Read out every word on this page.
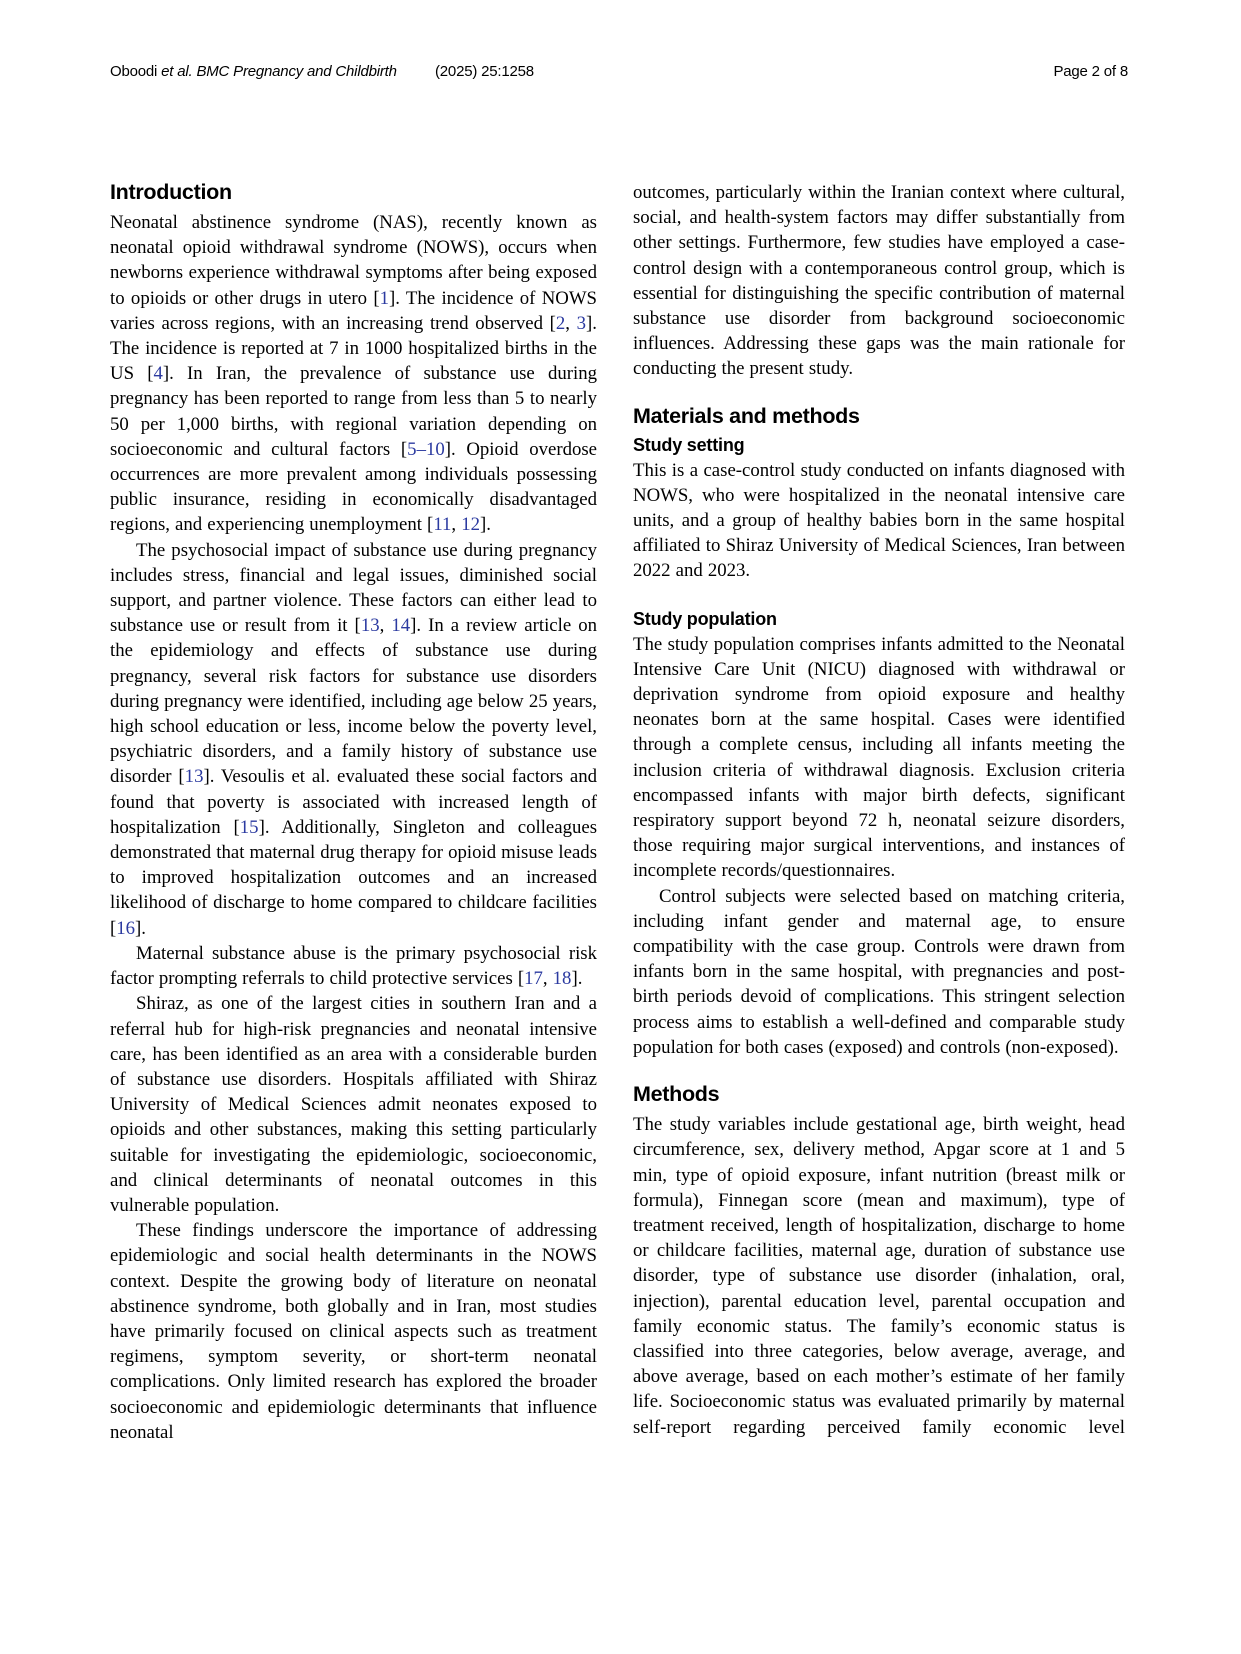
Oboodi et al. BMC Pregnancy and Childbirth	(2025) 25:1258	Page 2 of 8
Introduction

Neonatal abstinence syndrome (NAS), recently known as neonatal opioid withdrawal syndrome (NOWS), occurs when newborns experience withdrawal symptoms after being exposed to opioids or other drugs in utero [1]. The incidence of NOWS varies across regions, with an increasing trend observed [2, 3]. The incidence is reported at 7 in 1000 hospitalized births in the US [4]. In Iran, the prevalence of substance use during pregnancy has been reported to range from less than 5 to nearly 50 per 1,000 births, with regional variation depending on socioeconomic and cultural factors [5–10]. Opioid overdose occurrences are more prevalent among individuals possessing public insurance, residing in economically disadvantaged regions, and experiencing unemployment [11, 12].

The psychosocial impact of substance use during pregnancy includes stress, financial and legal issues, diminished social support, and partner violence. These factors can either lead to substance use or result from it [13, 14]. In a review article on the epidemiology and effects of substance use during pregnancy, several risk factors for substance use disorders during pregnancy were identified, including age below 25 years, high school education or less, income below the poverty level, psychiatric disorders, and a family history of substance use disorder [13]. Vesoulis et al. evaluated these social factors and found that poverty is associated with increased length of hospitalization [15]. Additionally, Singleton and colleagues demonstrated that maternal drug therapy for opioid misuse leads to improved hospitalization outcomes and an increased likelihood of discharge to home compared to childcare facilities [16].

Maternal substance abuse is the primary psychosocial risk factor prompting referrals to child protective services [17, 18].

Shiraz, as one of the largest cities in southern Iran and a referral hub for high-risk pregnancies and neonatal intensive care, has been identified as an area with a considerable burden of substance use disorders. Hospitals affiliated with Shiraz University of Medical Sciences admit neonates exposed to opioids and other substances, making this setting particularly suitable for investigating the epidemiologic, socioeconomic, and clinical determinants of neonatal outcomes in this vulnerable population.

These findings underscore the importance of addressing epidemiologic and social health determinants in the NOWS context. Despite the growing body of literature on neonatal abstinence syndrome, both globally and in Iran, most studies have primarily focused on clinical aspects such as treatment regimens, symptom severity, or short-term neonatal complications. Only limited research has explored the broader socioeconomic and epidemiologic determinants that influence neonatal

outcomes, particularly within the Iranian context where cultural, social, and health-system factors may differ substantially from other settings. Furthermore, few studies have employed a case-control design with a contemporaneous control group, which is essential for distinguishing the specific contribution of maternal substance use disorder from background socioeconomic influences. Addressing these gaps was the main rationale for conducting the present study.

Materials and methods
Study setting

This is a case-control study conducted on infants diagnosed with NOWS, who were hospitalized in the neonatal intensive care units, and a group of healthy babies born in the same hospital affiliated to Shiraz University of Medical Sciences, Iran between 2022 and 2023.

Study population

The study population comprises infants admitted to the Neonatal Intensive Care Unit (NICU) diagnosed with withdrawal or deprivation syndrome from opioid exposure and healthy neonates born at the same hospital. Cases were identified through a complete census, including all infants meeting the inclusion criteria of withdrawal diagnosis. Exclusion criteria encompassed infants with major birth defects, significant respiratory support beyond 72 h, neonatal seizure disorders, those requiring major surgical interventions, and instances of incomplete records/questionnaires.

Control subjects were selected based on matching criteria, including infant gender and maternal age, to ensure compatibility with the case group. Controls were drawn from infants born in the same hospital, with pregnancies and post-birth periods devoid of complications. This stringent selection process aims to establish a well-defined and comparable study population for both cases (exposed) and controls (non-exposed).

Methods

The study variables include gestational age, birth weight, head circumference, sex, delivery method, Apgar score at 1 and 5 min, type of opioid exposure, infant nutrition (breast milk or formula), Finnegan score (mean and maximum), type of treatment received, length of hospitalization, discharge to home or childcare facilities, maternal age, duration of substance use disorder, type of substance use disorder (inhalation, oral, injection), parental education level, parental occupation and family economic status. The family’s economic status is classified into three categories, below average, average, and above average, based on each mother’s estimate of her family life. Socioeconomic status was evaluated primarily by maternal self-report regarding perceived family economic level
